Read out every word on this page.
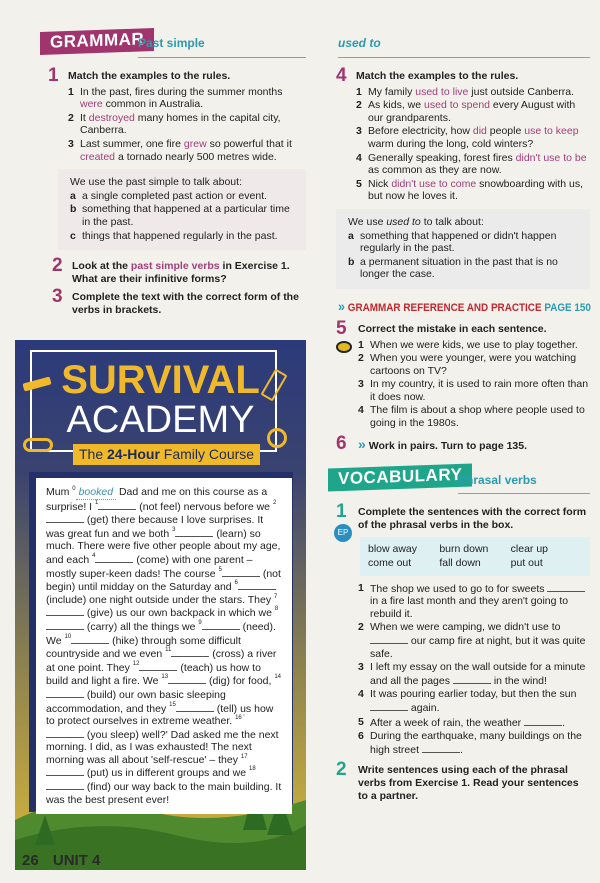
SURVIVAL
ACADEMY
The 24-Hour Family Course
Mum $^0$ booked Dad and me on this course as a surprise! I $^1$	(not feel) nervous before we $^2$ (get) there because I love surprises. It was great fun and we both $^3$	(learn) so much. There were five other people about my age, and each $^4$	(come) with one parent – mostly super-keen dads! The course $^5$	(not begin) until midday on the Saturday and $^6$ (include) one night outside under the stars. They $^7$ (give) us our own backpack in which we $^8$ (carry) all the things we $^9$	(need). We $^{10}$	(hike) through some difficult countryside and we even $^{11}$	(cross) a river at one point. They $^{12}$	(teach) us how to build and light a fire. We $^{13}$	(dig) for food, $^{14}$ (build) our own basic sleeping accommodation, and they $^{15}$	(tell) us how to protect ourselves in extreme weather. $^{16 '}$ (you sleep) well?' Dad asked me the next morning. I did, as I was exhausted! The next morning was all about 'self-rescue' – they $^{17}$ (put) us in different groups and we $^{18}$ (find) our way back to the main building. It was the best present ever!
26 UNIT 4
GRAMMAR
Past simple
1 Match the examples to the rules.
1 In the past, fires during the summer months were common in Australia.
2 It destroyed many homes in the capital city, Canberra.
3 Last summer, one fire grew so powerful that it created a tornado nearly 500 metres wide.
We use the past simple to talk about:
a a single completed past action or event.
b something that happened at a particular time in the past.
c things that happened regularly in the past.
2 Look at the past simple verbs in Exercise 1. What are their infinitive forms?
3 Complete the text with the correct form of the verbs in brackets.
used to
4 Match the examples to the rules.
1 My family used to live just outside Canberra.
2 As kids, we used to spend every August with our grandparents.
3 Before electricity, how did people use to keep warm during the long, cold winters?
4 Generally speaking, forest fires didn't use to be as common as they are now.
5 Nick didn't use to come snowboarding with us, but now he loves it.
We use used to to talk about:
a something that happened or didn't happen regularly in the past.
b a permanent situation in the past that is no longer the case.
» GRAMMAR REFERENCE AND PRACTICE PAGE 150
5 Correct the mistake in each sentence.
1 When we were kids, we use to play together.
2 When you were younger, were you watching cartoons on TV?
3 In my country, it is used to rain more often than it does now.
4 The film is about a shop where people used to going in the 1980s.
6 » Work in pairs. Turn to page 135.
VOCABULARY
Phrasal verbs
1
EP
Complete the sentences with the correct form of the phrasal verbs in the box.
blow away	burn down	clear up
come out	fall down	put out
1 The shop we used to go to for sweets  in a fire last month and they aren't going to rebuild it.
2 When we were camping, we didn't use to  our camp fire at night, but it was quite safe.
3 I left my essay on the wall outside for a minute and all the pages	in the wind!
4 It was pouring earlier today, but then the sun  again.
5 After a week of rain, the weather	.
6 During the earthquake, many buildings on the high street	.
2 Write sentences using each of the phrasal verbs from Exercise 1. Read your sentences to a partner.
